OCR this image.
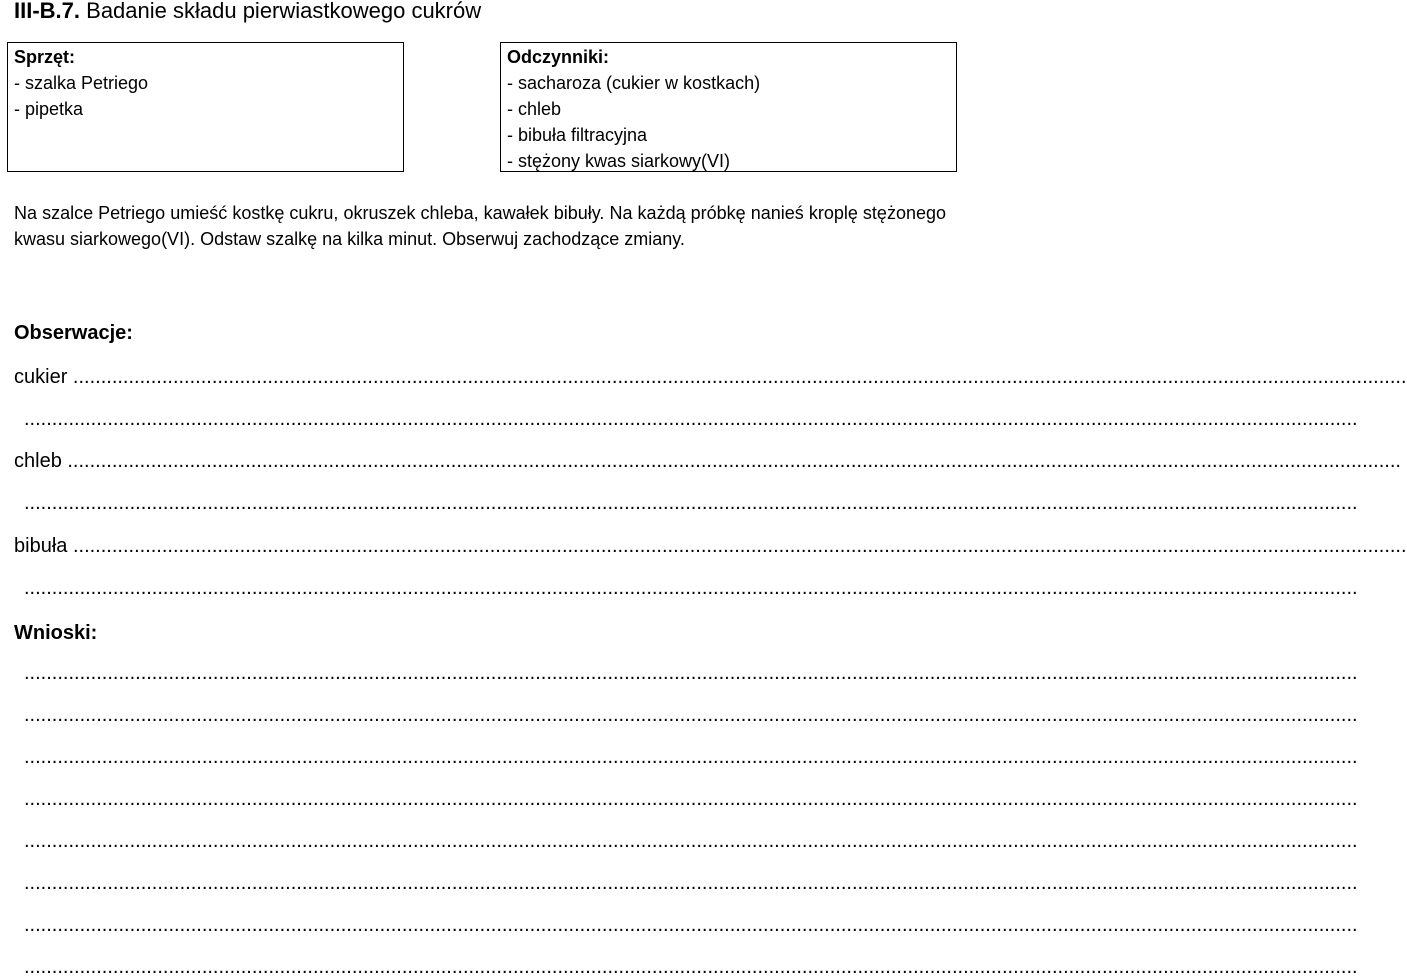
III-B.7. Badanie składu pierwiastkowego cukrów
Sprzęt:
- szalka Petriego
- pipetka
Odczynniki:
- sacharoza (cukier w kostkach)
- chleb
- bibuła filtracyjna
- stężony kwas siarkowy(VI)
Na szalce Petriego umieść kostkę cukru, okruszek chleba, kawałek bibuły. Na każdą próbkę nanieś kroplę stężonego kwasu siarkowego(VI). Odstaw szalkę na kilka minut. Obserwuj zachodzące zmiany.
Obserwacje:
cukier ................................................................................................................................................................................................................................................
................................................................................................................................................................................................................................................
chleb ................................................................................................................................................................................................................................................
................................................................................................................................................................................................................................................
bibuła ................................................................................................................................................................................................................................................
................................................................................................................................................................................................................................................
Wnioski:
................................................................................................................................................................................................................................................
................................................................................................................................................................................................................................................
................................................................................................................................................................................................................................................
................................................................................................................................................................................................................................................
................................................................................................................................................................................................................................................
................................................................................................................................................................................................................................................
................................................................................................................................................................................................................................................
................................................................................................................................................................................................................................................
